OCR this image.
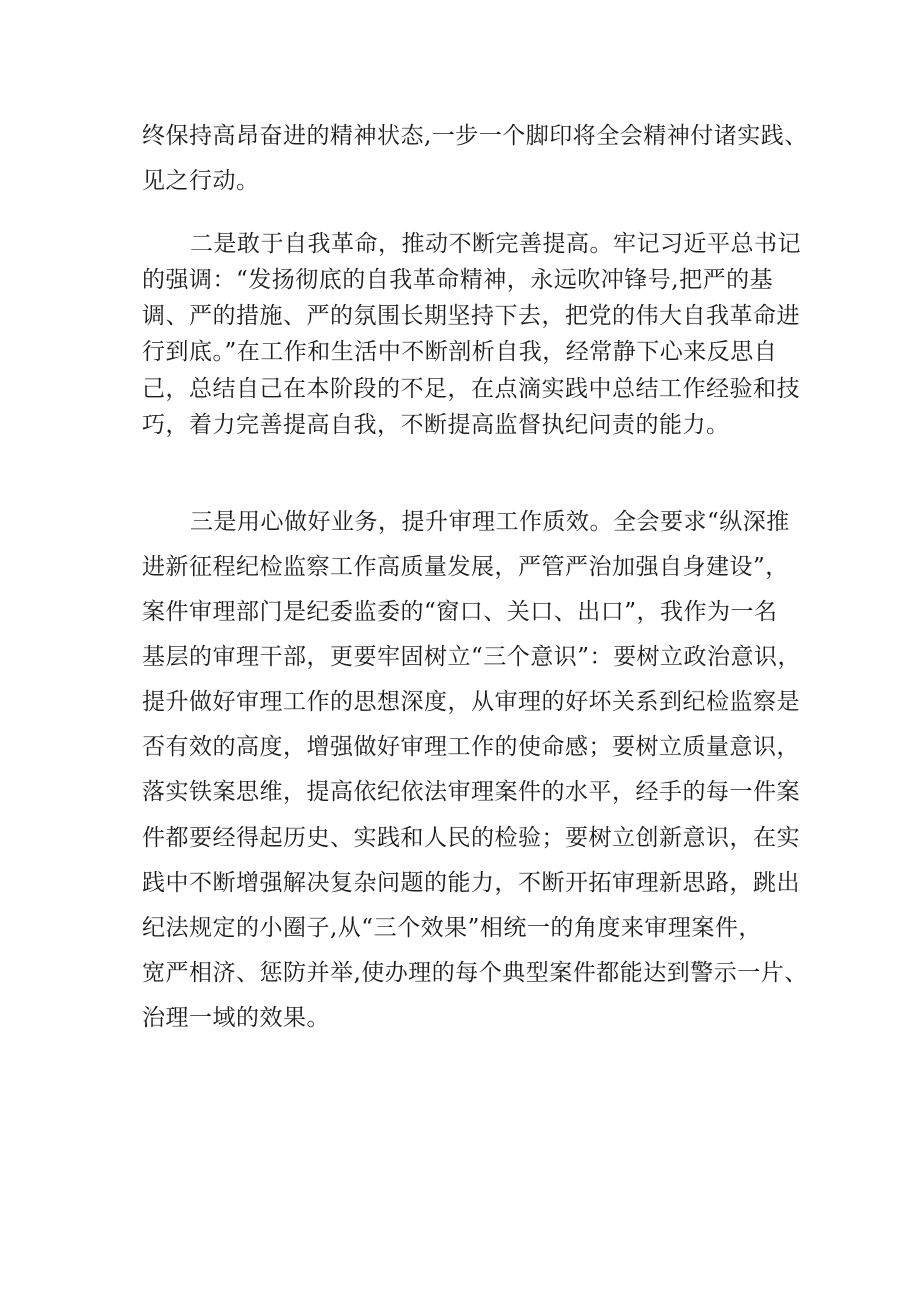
终保持高昂奋进的精神状态,一步一个脚印将全会精神付诸实践、
见之行动。
二是敢于自我革命，推动不断完善提高。牢记习近平总书记
的强调：“发扬彻底的自我革命精神，永远吹冲锋号,把严的基
调、严的措施、严的氛围长期坚持下去，把党的伟大自我革命进
行到底。”在工作和生活中不断剖析自我，经常静下心来反思自
己，总结自己在本阶段的不足，在点滴实践中总结工作经验和技
巧，着力完善提高自我，不断提高监督执纪问责的能力。
三是用心做好业务，提升审理工作质效。全会要求“纵深推
进新征程纪检监察工作高质量发展，严管严治加强自身建设”，
案件审理部门是纪委监委的“窗口、关口、出口”，我作为一名
基层的审理干部，更要牢固树立“三个意识”：要树立政治意识，
提升做好审理工作的思想深度，从审理的好坏关系到纪检监察是
否有效的高度，增强做好审理工作的使命感；要树立质量意识，
落实铁案思维，提高依纪依法审理案件的水平，经手的每一件案
件都要经得起历史、实践和人民的检验；要树立创新意识，在实
践中不断增强解决复杂问题的能力，不断开拓审理新思路，跳出
纪法规定的小圈子,从“三个效果”相统一的角度来审理案件，
宽严相济、惩防并举,使办理的每个典型案件都能达到警示一片、
治理一域的效果。
